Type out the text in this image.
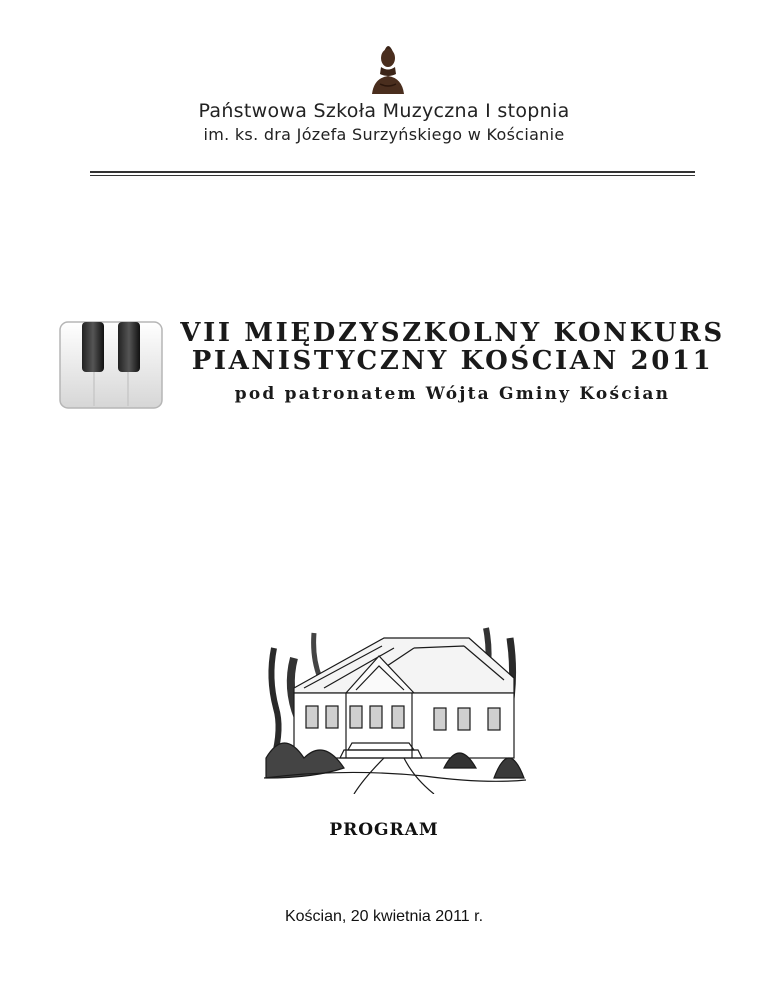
Państwowa Szkoła Muzyczna I stopnia
im. ks. dra Józefa Surzyńskiego w Kościanie
VII MIĘDZYSZKOLNY KONKURS
PIANISTYCZNY KOŚCIAN 2011
pod patronatem Wójta Gminy Kościan
PROGRAM
Kościan, 20 kwietnia 2011 r.
